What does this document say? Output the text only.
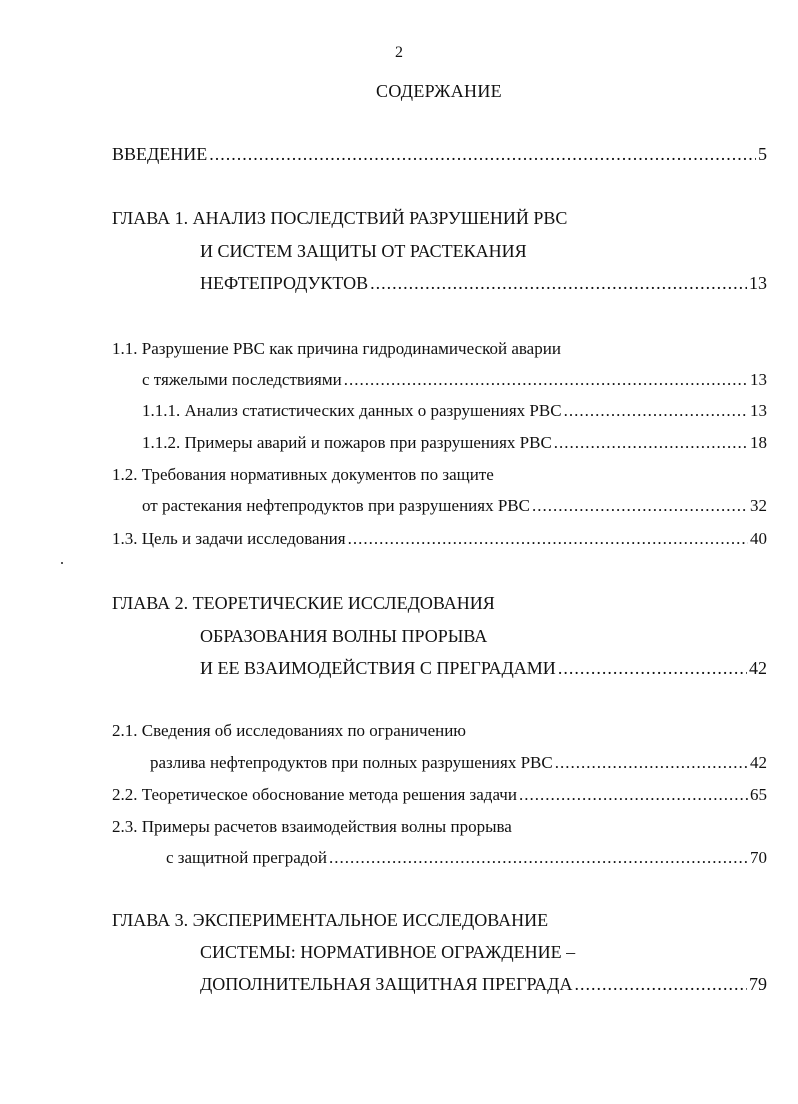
2
СОДЕРЖАНИЕ
ВВЕДЕНИЕ .....	5
ГЛАВА 1. АНАЛИЗ ПОСЛЕДСТВИЙ РАЗРУШЕНИЙ РВС
И СИСТЕМ ЗАЩИТЫ ОТ РАСТЕКАНИЯ
НЕФТЕПРОДУКТОВ .....	13
1.1. Разрушение РВС как причина гидродинамической аварии
с тяжелыми последствиями .....	13
1.1.1. Анализ статистических данных о разрушениях РВС .....	13
1.1.2. Примеры аварий и пожаров при разрушениях РВС .....	18
1.2. Требования нормативных документов по защите
от растекания нефтепродуктов при разрушениях РВС .....	32
1.3. Цель и задачи исследования .....	40
ГЛАВА 2. ТЕОРЕТИЧЕСКИЕ ИССЛЕДОВАНИЯ
ОБРАЗОВАНИЯ ВОЛНЫ ПРОРЫВА
И ЕЕ ВЗАИМОДЕЙСТВИЯ С ПРЕГРАДАМИ .....	42
2.1. Сведения об исследованиях по ограничению
разлива нефтепродуктов при полных разрушениях РВС .....	42
2.2. Теоретическое обоснование метода решения задачи .....	65
2.3. Примеры расчетов взаимодействия волны прорыва
с защитной преградой .....	70
ГЛАВА 3. ЭКСПЕРИМЕНТАЛЬНОЕ ИССЛЕДОВАНИЕ
СИСТЕМЫ: НОРМАТИВНОЕ ОГРАЖДЕНИЕ –
ДОПОЛНИТЕЛЬНАЯ ЗАЩИТНАЯ ПРЕГРАДА .....	79
